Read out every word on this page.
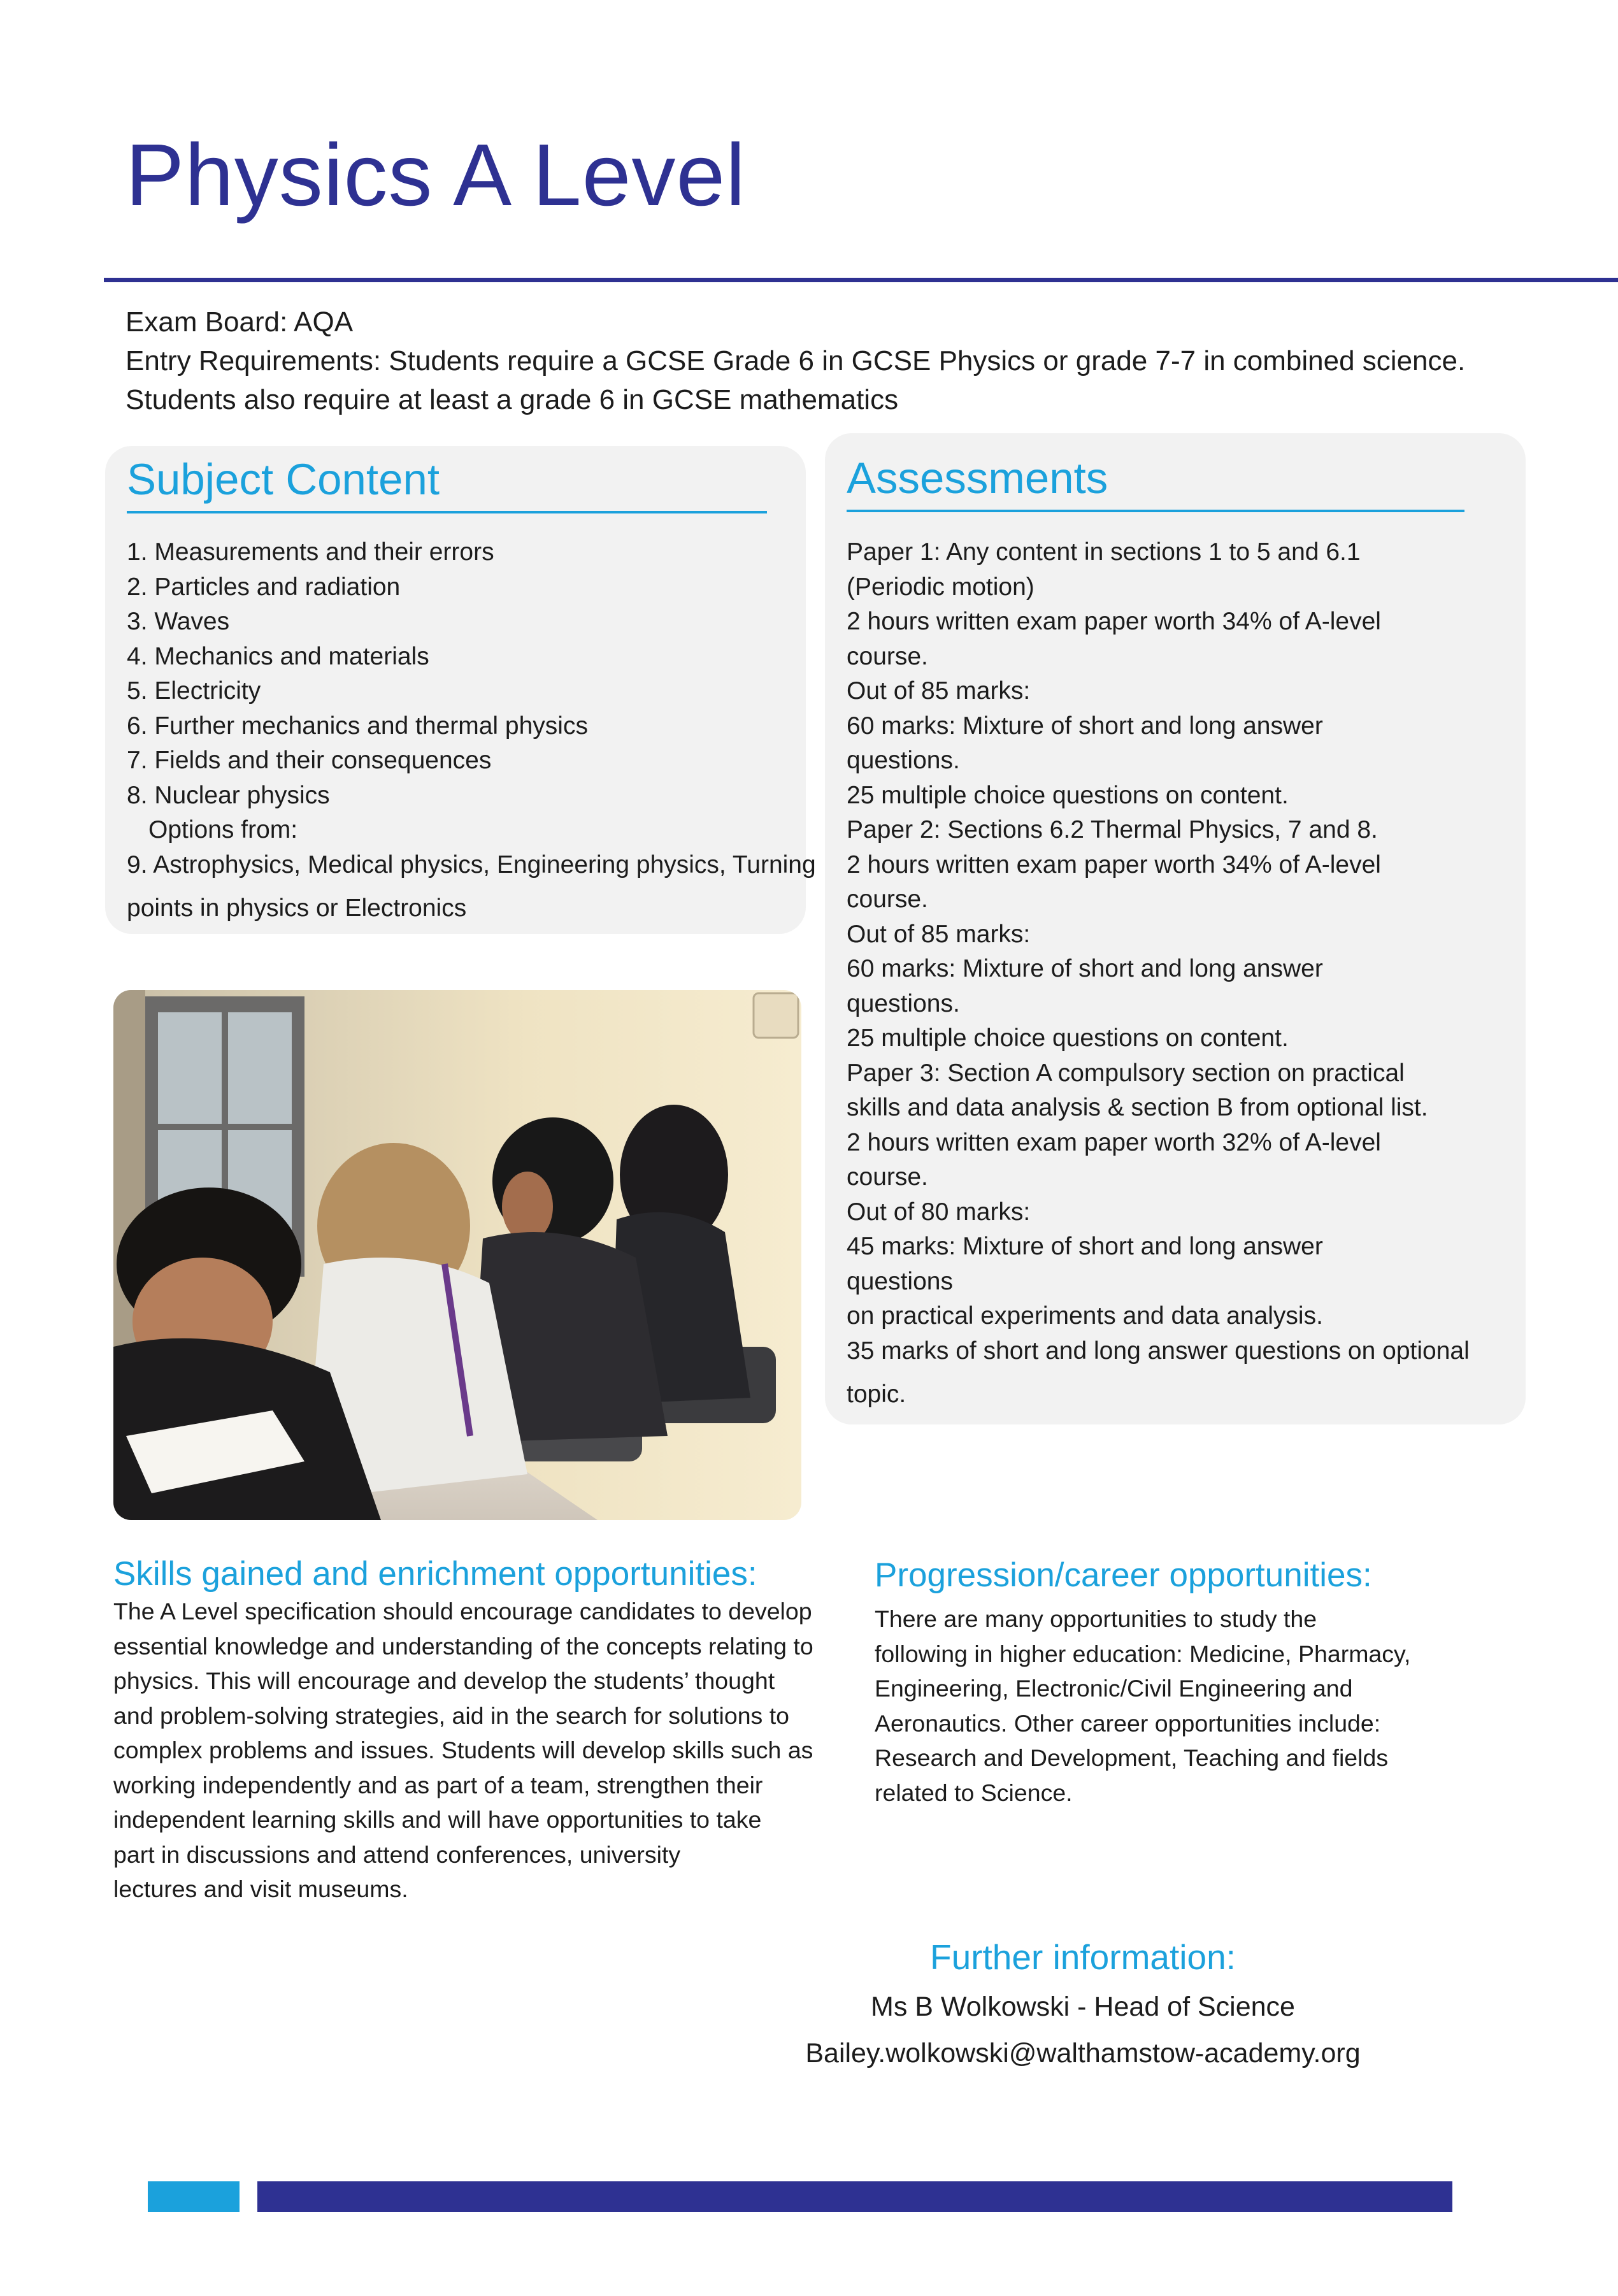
Physics A Level

Exam Board: AQA

Entry Requirements: Students require a GCSE Grade 6 in GCSE Physics or grade 7-7 in combined science.

Students also require at least a grade 6 in GCSE mathematics

Subject Content
1. Measurements and their errors
2. Particles and radiation
3. Waves
4. Mechanics and materials
5. Electricity
6. Further mechanics and thermal physics
7. Fields and their consequences
8. Nuclear physics
Options from:
9. Astrophysics, Medical physics, Engineering physics, Turning
points in physics or Electronics
Assessments
Paper 1: Any content in sections 1 to 5 and 6.1
(Periodic motion)
2 hours written exam paper worth 34% of A-level
course.
Out of 85 marks:
60 marks: Mixture of short and long answer
questions.
25 multiple choice questions on content.
Paper 2: Sections 6.2 Thermal Physics, 7 and 8.
2 hours written exam paper worth 34% of A-level
course.
Out of 85 marks:
60 marks: Mixture of short and long answer
questions.
25 multiple choice questions on content.
Paper 3: Section A compulsory section on practical
skills and data analysis & section B from optional list.
2 hours written exam paper worth 32% of A-level
course.
Out of 80 marks:
45 marks: Mixture of short and long answer
questions
on practical experiments and data analysis.
35 marks of short and long answer questions on optional
topic.
Skills gained and enrichment opportunities:
The A Level specification should encourage candidates to develop
essential knowledge and understanding of the concepts relating to
physics. This will encourage and develop the students’ thought
and problem-solving strategies, aid in the search for solutions to
complex problems and issues. Students will develop skills such as
working independently and as part of a team, strengthen their
independent learning skills and will have opportunities to take
part in discussions and attend conferences, university
lectures and visit museums.
Progression/career opportunities:
There are many opportunities to study the
following in higher education: Medicine, Pharmacy,
Engineering, Electronic/Civil Engineering and
Aeronautics. Other career opportunities include:
Research and Development, Teaching and fields
related to Science.
Further information:
Ms B Wolkowski - Head of Science
Bailey.wolkowski@walthamstow-academy.org
